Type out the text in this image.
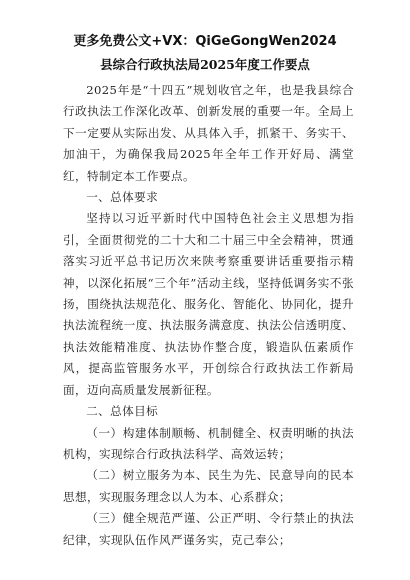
更多免费公文+VX：QiGeGongWen2024
县综合行政执法局2025年度工作要点

2025年是“十四五”规划收官之年，也是我县综合行政执法工作深化改革、创新发展的重要一年。全局上下一定要从实际出发、从具体入手，抓紧干、务实干、加油干，为确保我局2025年全年工作开好局、满堂红，特制定本工作要点。

一、总体要求

坚持以习近平新时代中国特色社会主义思想为指引，全面贯彻党的二十大和二十届三中全会精神，贯通落实习近平总书记历次来陕考察重要讲话重要指示精神，以深化拓展“三个年”活动主线，坚持低调务实不张扬，围绕执法规范化、服务化、智能化、协同化，提升执法流程统一度、执法服务满意度、执法公信透明度、执法效能精准度、执法协作整合度，锻造队伍素质作风，提高监管服务水平，开创综合行政执法工作新局面，迈向高质量发展新征程。

二、总体目标

（一）构建体制顺畅、机制健全、权责明晰的执法机构，实现综合行政执法科学、高效运转；

（二）树立服务为本、民生为先、民意导向的民本思想，实现服务理念以人为本、心系群众；

（三）健全规范严谨、公正严明、令行禁止的执法纪律，实现队伍作风严谨务实，克己奉公；
